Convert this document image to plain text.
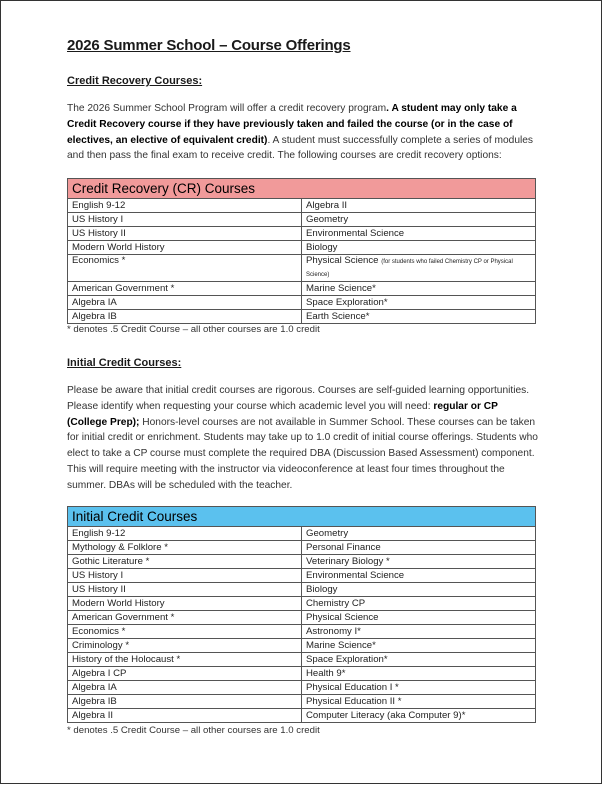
2026 Summer School – Course Offerings
Credit Recovery Courses:
The 2026 Summer School Program will offer a credit recovery program. A student may only take a Credit Recovery course if they have previously taken and failed the course (or in the case of electives, an elective of equivalent credit). A student must successfully complete a series of modules and then pass the final exam to receive credit. The following courses are credit recovery options:
Credit Recovery (CR) Courses	
English 9-12	Algebra II
US History I	Geometry
US History II	Environmental Science
Modern World History	Biology
Economics *	Physical Science (for students who failed Chemistry CP or Physical Science)
American Government *	Marine Science*
Algebra IA	Space Exploration*
Algebra IB	Earth Science*
* denotes .5 Credit Course – all other courses are 1.0 credit
Initial Credit Courses:
Please be aware that initial credit courses are rigorous. Courses are self-guided learning opportunities. Please identify when requesting your course which academic level you will need: regular or CP (College Prep); Honors-level courses are not available in Summer School. These courses can be taken for initial credit or enrichment. Students may take up to 1.0 credit of initial course offerings. Students who elect to take a CP course must complete the required DBA (Discussion Based Assessment) component. This will require meeting with the instructor via videoconference at least four times throughout the summer. DBAs will be scheduled with the teacher.
Initial Credit Courses	
English 9-12	Geometry
Mythology & Folklore *	Personal Finance
Gothic Literature *	Veterinary Biology *
US History I	Environmental Science
US History II	Biology
Modern World History	Chemistry CP
American Government *	Physical Science
Economics *	Astronomy I*
Criminology *	Marine Science*
History of the Holocaust *	Space Exploration*
Algebra I CP	Health 9*
Algebra IA	Physical Education I *
Algebra IB	Physical Education II *
Algebra II	Computer Literacy (aka Computer 9)*
* denotes .5 Credit Course – all other courses are 1.0 credit
